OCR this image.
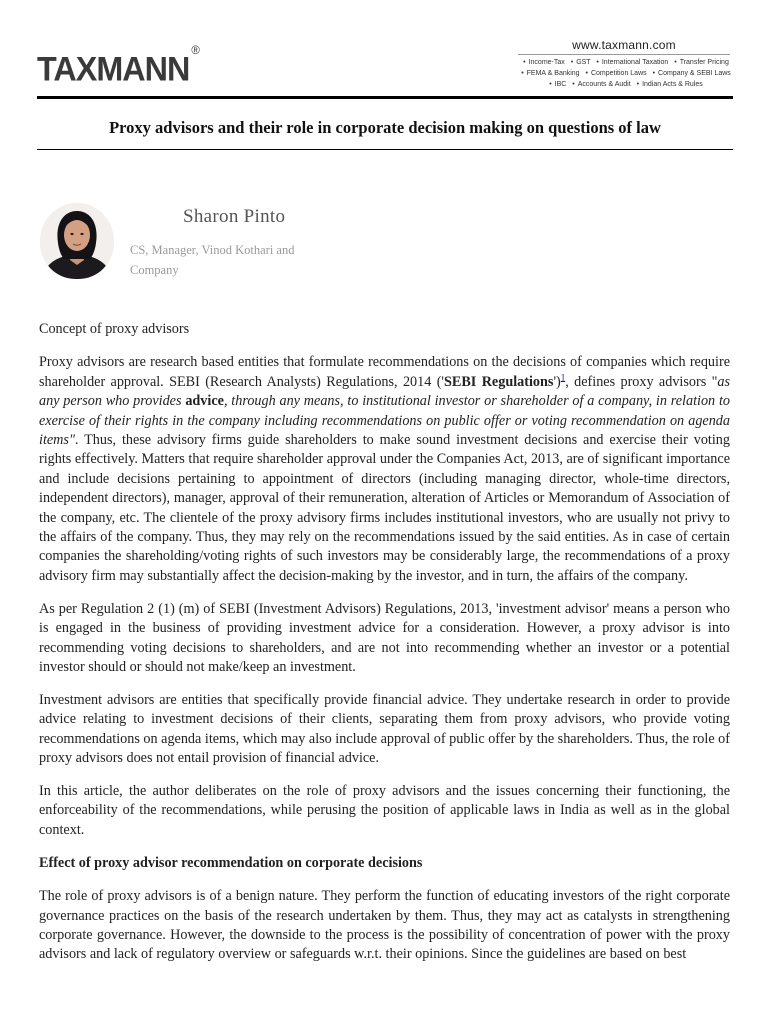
TAXMANN®	www.taxmann.com
• Income-Tax • GST • International Taxation • Transfer Pricing
• FEMA & Banking • Competition Laws • Company & SEBI Laws
• IBC • Accounts & Audit • Indian Acts & Rules
Proxy advisors and their role in corporate decision making on questions of law
Sharon Pinto
CS, Manager, Vinod Kothari and Company

Concept of proxy advisors

Proxy advisors are research based entities that formulate recommendations on the decisions of companies which require shareholder approval. SEBI (Research Analysts) Regulations, 2014 ('SEBI Regulations')$^1$, defines proxy advisors "as any person who provides advice, through any means, to institutional investor or shareholder of a company, in relation to exercise of their rights in the company including recommendations on public offer or voting recommendation on agenda items". Thus, these advisory firms guide shareholders to make sound investment decisions and exercise their voting rights effectively. Matters that require shareholder approval under the Companies Act, 2013, are of significant importance and include decisions pertaining to appointment of directors (including managing director, whole-time directors, independent directors), manager, approval of their remuneration, alteration of Articles or Memorandum of Association of the company, etc. The clientele of the proxy advisory firms includes institutional investors, who are usually not privy to the affairs of the company. Thus, they may rely on the recommendations issued by the said entities. As in case of certain companies the shareholding/voting rights of such investors may be considerably large, the recommendations of a proxy advisory firm may substantially affect the decision-making by the investor, and in turn, the affairs of the company.

As per Regulation 2 (1) (m) of SEBI (Investment Advisors) Regulations, 2013, 'investment advisor' means a person who is engaged in the business of providing investment advice for a consideration. However, a proxy advisor is into recommending voting decisions to shareholders, and are not into recommending whether an investor or a potential investor should or should not make/keep an investment.

Investment advisors are entities that specifically provide financial advice. They undertake research in order to provide advice relating to investment decisions of their clients, separating them from proxy advisors, who provide voting recommendations on agenda items, which may also include approval of public offer by the shareholders. Thus, the role of proxy advisors does not entail provision of financial advice.

In this article, the author deliberates on the role of proxy advisors and the issues concerning their functioning, the enforceability of the recommendations, while perusing the position of applicable laws in India as well as in the global context.

Effect of proxy advisor recommendation on corporate decisions

The role of proxy advisors is of a benign nature. They perform the function of educating investors of the right corporate governance practices on the basis of the research undertaken by them. Thus, they may act as catalysts in strengthening corporate governance. However, the downside to the process is the possibility of concentration of power with the proxy advisors and lack of regulatory overview or safeguards w.r.t. their opinions. Since the guidelines are based on best
